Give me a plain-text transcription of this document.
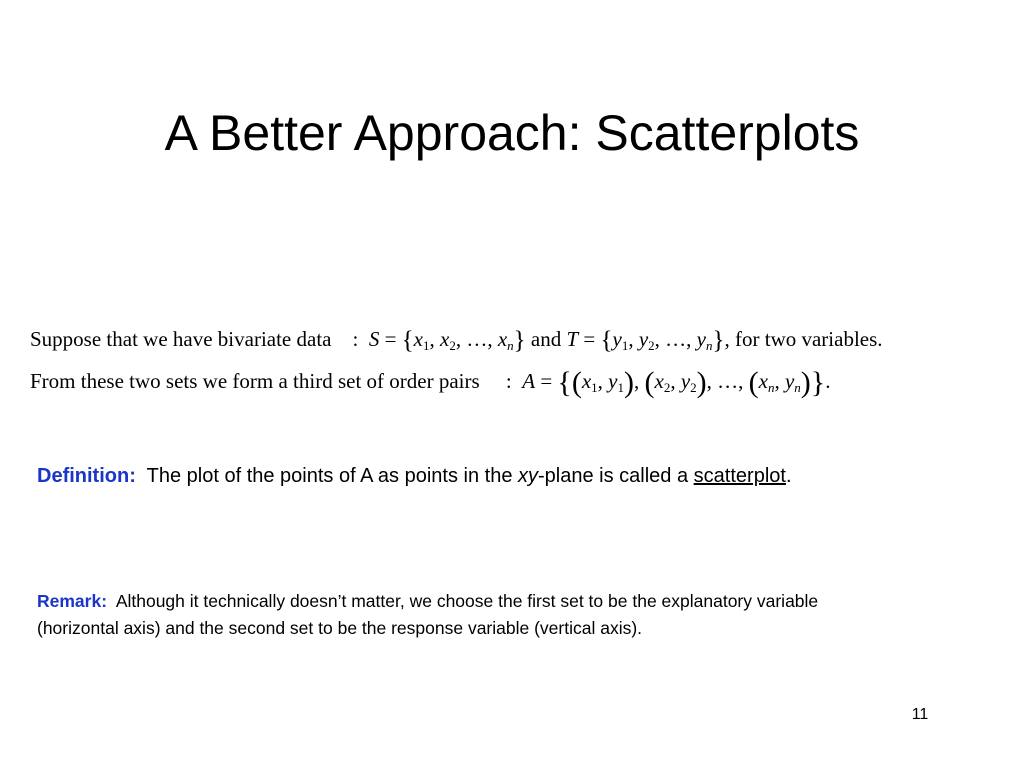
A Better Approach: Scatterplots
Suppose that we have bivariate data : $S = \{x_1$, $x_2$, …, $x_n$} and $T = \{y_1$, $y_2$, …, $y_n$}, for two variables.
From these two sets we form a third set of order pairs : $A = \{(x_1$, $y_1$), ($x_2$, $y_2$), …, ($x_n$, $y_n$)}.
Definition: The plot of the points of A as points in the xy-plane is called a scatterplot.
Remark: Although it technically doesn’t matter, we choose the first set to be the explanatory variable (horizontal axis) and the second set to be the response variable (vertical axis).
11
